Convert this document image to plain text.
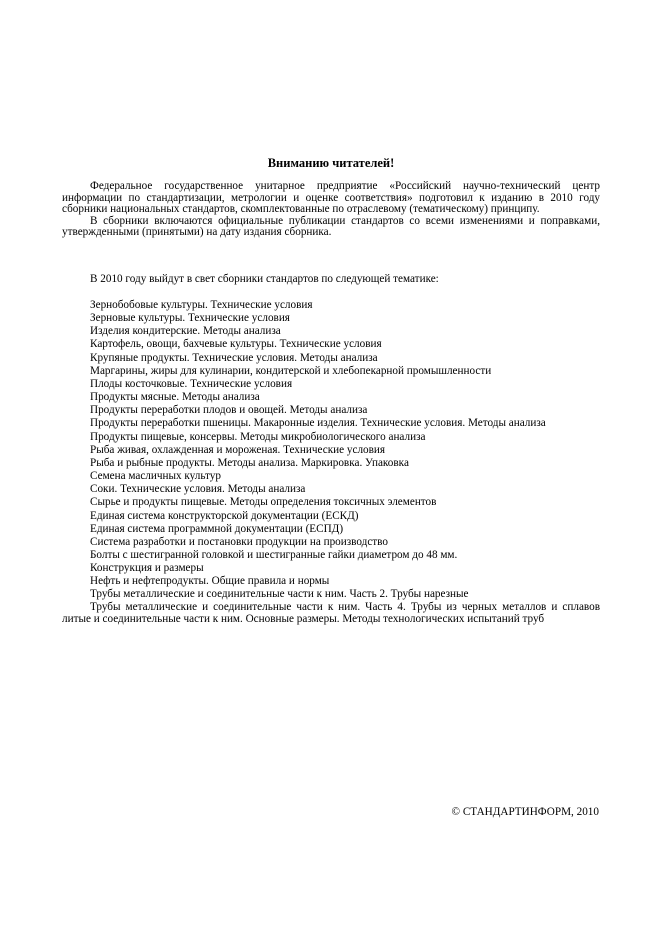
Вниманию читателей!

Федеральное государственное унитарное предприятие «Российский научно-технический центр информации по стандартизации, метрологии и оценке соответствия» подготовил к изданию в 2010 году сборники национальных стандартов, скомплектованные по отраслевому (тематическому) принципу.

В сборники включаются официальные публикации стандартов со всеми изменениями и поправками, утвержденными (принятыми) на дату издания сборника.

В 2010 году выйдут в свет сборники стандартов по следующей тематике:

Зернобобовые культуры. Технические условия
Зерновые культуры. Технические условия
Изделия кондитерские. Методы анализа
Картофель, овощи, бахчевые культуры. Технические условия
Крупяные продукты. Технические условия. Методы анализа
Маргарины, жиры для кулинарии, кондитерской и хлебопекарной промышленности
Плоды косточковые. Технические условия
Продукты мясные. Методы анализа
Продукты переработки плодов и овощей. Методы анализа
Продукты переработки пшеницы. Макаронные изделия. Технические условия. Методы анализа
Продукты пищевые, консервы. Методы микробиологического анализа
Рыба живая, охлажденная и мороженая. Технические условия
Рыба и рыбные продукты. Методы анализа. Маркировка. Упаковка
Семена масличных культур
Соки. Технические условия. Методы анализа
Сырье и продукты пищевые. Методы определения токсичных элементов
Единая система конструкторской документации (ЕСКД)
Единая система программной документации (ЕСПД)
Система разработки и постановки продукции на производство
Болты с шестигранной головкой и шестигранные гайки диаметром до 48 мм.
Конструкция и размеры
Нефть и нефтепродукты. Общие правила и нормы
Трубы металлические и соединительные части к ним. Часть 2. Трубы нарезные
Трубы металлические и соединительные части к ним. Часть 4. Трубы из черных металлов и сплавов литые и соединительные части к ним. Основные размеры. Методы технологических испытаний труб

© СТАНДАРТИНФОРМ, 2010
